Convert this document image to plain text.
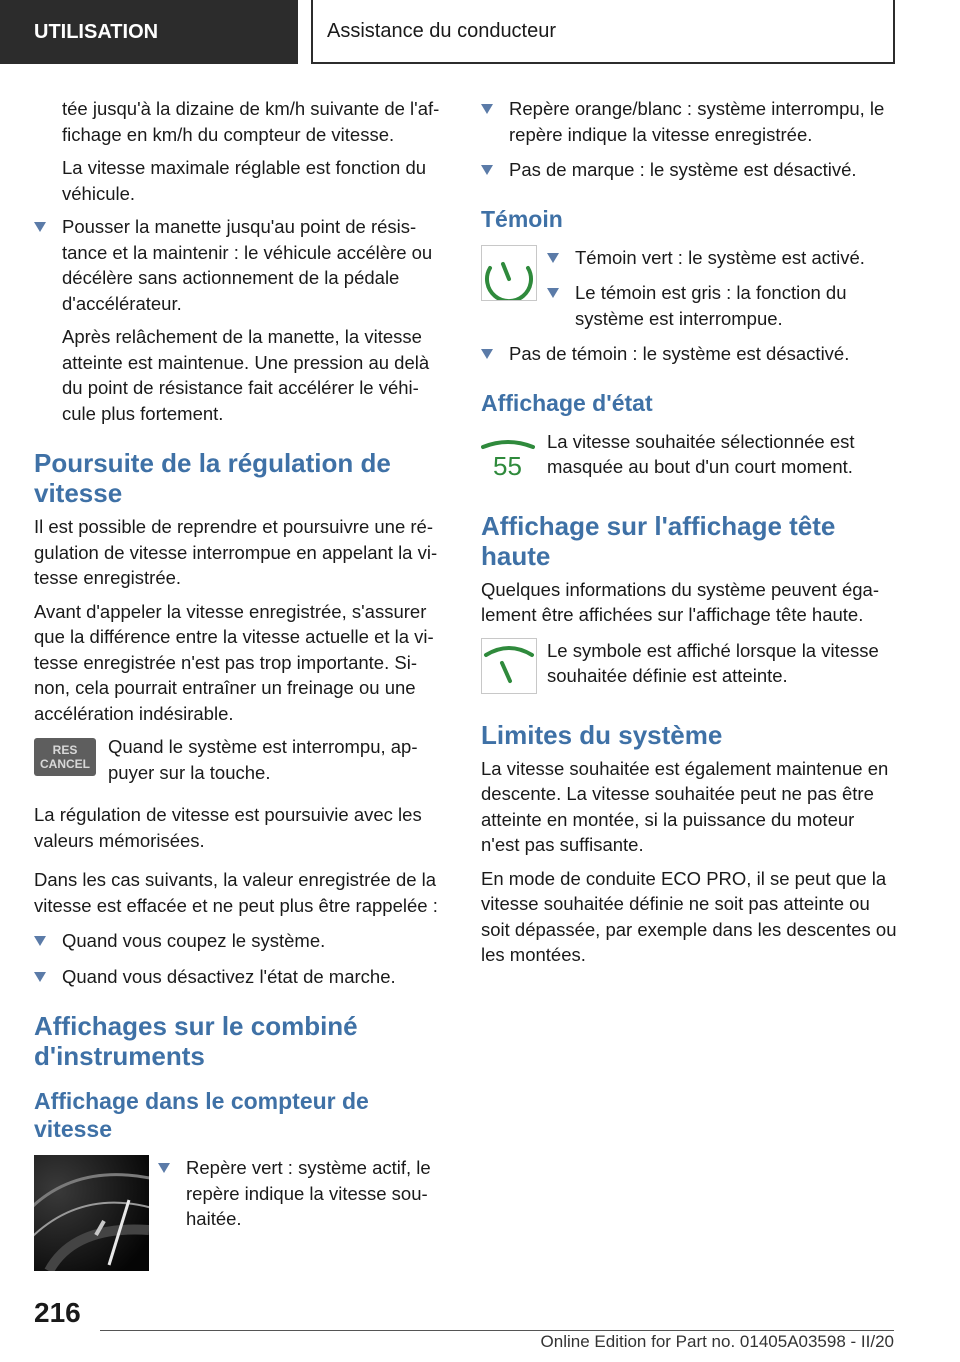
UTILISATION	Assistance du conducteur

tée jusqu'à la dizaine de km/h suivante de l'affichage en km/h du compteur de vitesse.

La vitesse maximale réglable est fonction du véhicule.

Pousser la manette jusqu'au point de résistance et la maintenir : le véhicule accélère ou décélère sans actionnement de la pédale d'accélérateur.

Après relâchement de la manette, la vitesse atteinte est maintenue. Une pression au delà du point de résistance fait accélérer le véhicule plus fortement.

Poursuite de la régulation de vitesse

Il est possible de reprendre et poursuivre une régulation de vitesse interrompue en appelant la vitesse enregistrée.

Avant d'appeler la vitesse enregistrée, s'assurer que la différence entre la vitesse actuelle et la vitesse enregistrée n'est pas trop importante. Sinon, cela pourrait entraîner un freinage ou une accélération indésirable.

RES
CANCEL

Quand le système est interrompu, appuyer sur la touche.

La régulation de vitesse est poursuivie avec les valeurs mémorisées.

Dans les cas suivants, la valeur enregistrée de la vitesse est effacée et ne peut plus être rappelée :

Quand vous coupez le système.
Quand vous désactivez l'état de marche.
Affichages sur le combiné d'instruments
Affichage dans le compteur de vitesse
Repère vert : système actif, le repère indique la vitesse souhaitée.
Repère orange/blanc : système interrompu, le repère indique la vitesse enregistrée.
Pas de marque : le système est désactivé.
Témoin
Témoin vert : le système est activé.
Le témoin est gris : la fonction du système est interrompue.
Pas de témoin : le système est désactivé.
Affichage d'état
55

La vitesse souhaitée sélectionnée est masquée au bout d'un court moment.

Affichage sur l'affichage tête haute

Quelques informations du système peuvent également être affichées sur l'affichage tête haute.

Le symbole est affiché lorsque la vitesse souhaitée définie est atteinte.

Limites du système

La vitesse souhaitée est également maintenue en descente. La vitesse souhaitée peut ne pas être atteinte en montée, si la puissance du moteur n'est pas suffisante.

En mode de conduite ECO PRO, il se peut que la vitesse souhaitée définie ne soit pas atteinte ou soit dépassée, par exemple dans les descentes ou les montées.

216
Online Edition for Part no. 01405A03598 - II/20
